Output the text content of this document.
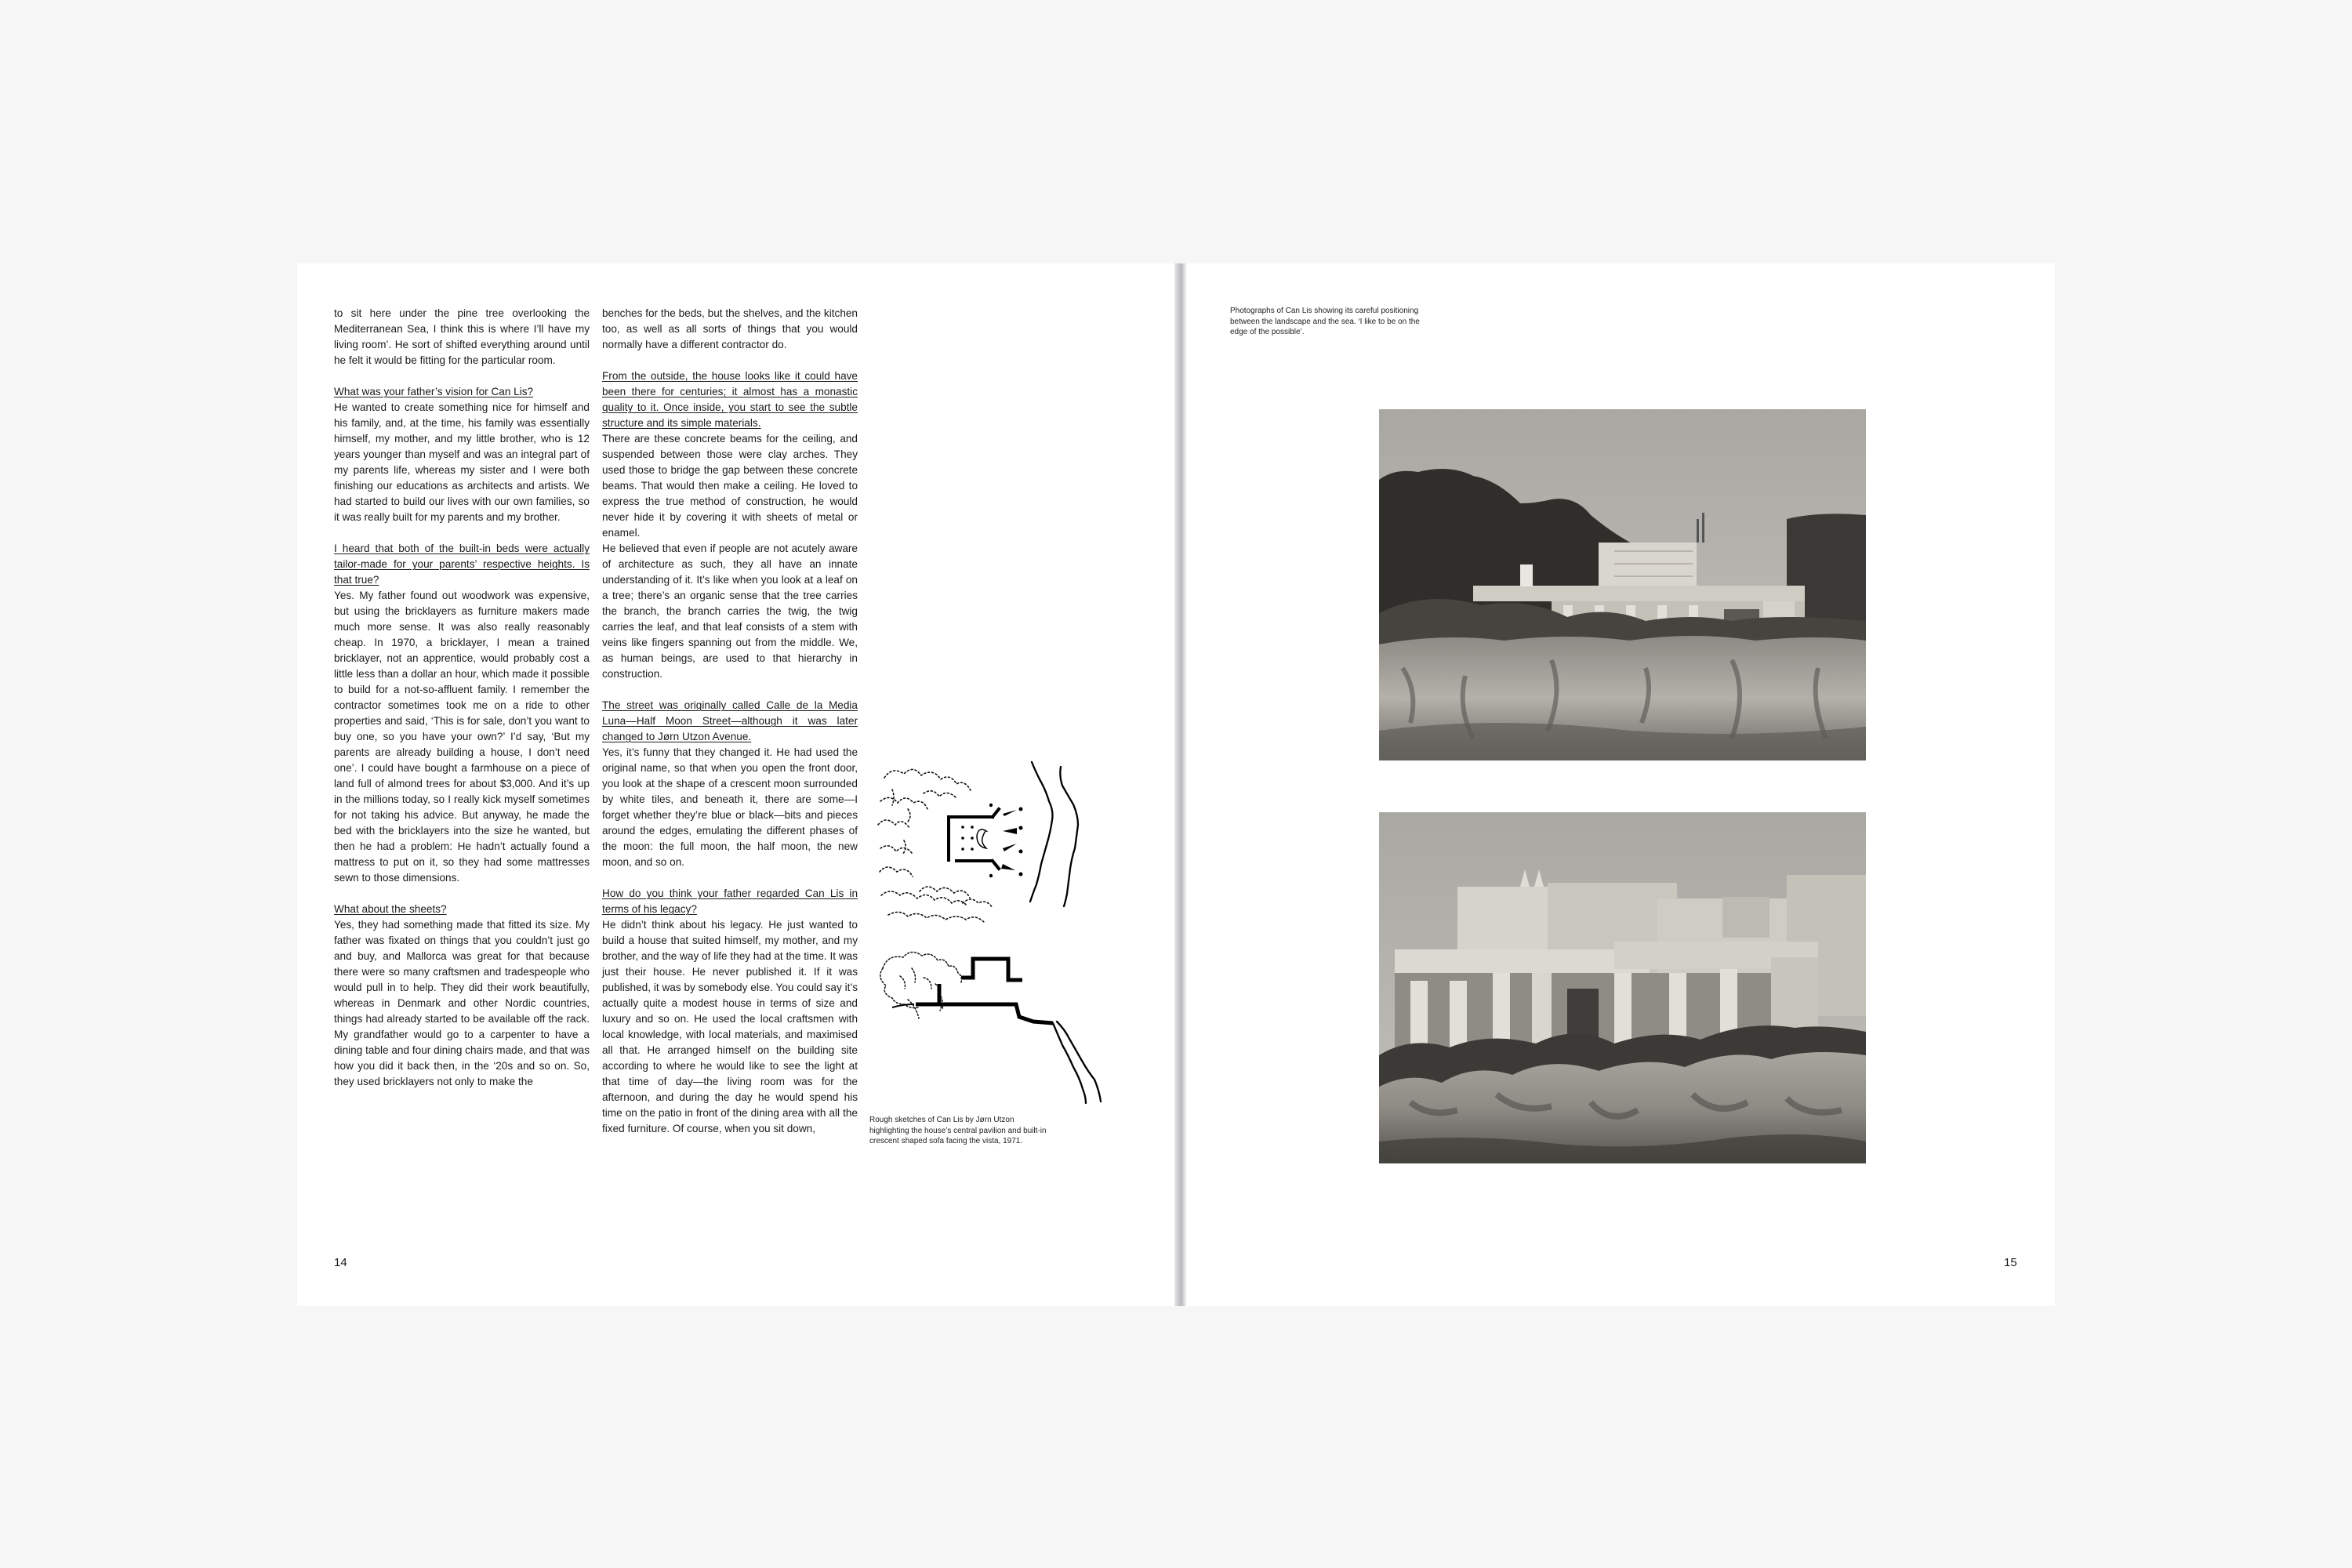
to sit here under the pine tree overlooking the Mediterranean Sea, I think this is where I’ll have my living room’. He sort of shifted everything around until he felt it would be fitting for the particular room.

What was your father’s vision for Can Lis?

He wanted to create something nice for himself and his family, and, at the time, his family was essentially himself, my mother, and my little brother, who is 12 years younger than myself and was an integral part of my parents life, whereas my sister and I were both finishing our educations as architects and artists. We had started to build our lives with our own families, so it was really built for my parents and my brother.

I heard that both of the built-in beds were actually tailor-made for your parents’ respective heights. Is that true?

Yes. My father found out woodwork was expensive, but using the bricklayers as furniture makers made much more sense. It was also really reasonably cheap. In 1970, a bricklayer, I mean a trained bricklayer, not an apprentice, would probably cost a little less than a dollar an hour, which made it possible to build for a not-so-affluent family. I remember the contractor sometimes took me on a ride to other properties and said, ‘This is for sale, don’t you want to buy one, so you have your own?’ I’d say, ‘But my parents are already building a house, I don’t need one’. I could have bought a farmhouse on a piece of land full of almond trees for about $3,000. And it’s up in the millions today, so I really kick myself sometimes for not taking his advice. But anyway, he made the bed with the bricklayers into the size he wanted, but then he had a problem: He hadn’t actually found a mattress to put on it, so they had some mattresses sewn to those dimensions.

What about the sheets?

Yes, they had something made that fitted its size. My father was fixated on things that you couldn’t just go and buy, and Mallorca was great for that because there were so many craftsmen and tradespeople who would pull in to help. They did their work beautifully, whereas in Denmark and other Nordic countries, things had already started to be available off the rack. My grandfather would go to a carpenter to have a dining table and four dining chairs made, and that was how you did it back then, in the ‘20s and so on. So, they used bricklayers not only to make the

benches for the beds, but the shelves, and the kitchen too, as well as all sorts of things that you would normally have a different contractor do.

From the outside, the house looks like it could have been there for centuries; it almost has a monastic quality to it. Once inside, you start to see the subtle structure and its simple materials.

There are these concrete beams for the ceiling, and suspended between those were clay arches. They used those to bridge the gap between these concrete beams. That would then make a ceiling. He loved to express the true method of construction, he would never hide it by covering it with sheets of metal or enamel.

He believed that even if people are not acutely aware of architecture as such, they all have an innate understanding of it. It’s like when you look at a leaf on a tree; there’s an organic sense that the tree carries the branch, the branch carries the twig, the twig carries the leaf, and that leaf consists of a stem with veins like fingers spanning out from the middle. We, as human beings, are used to that hierarchy in construction.

The street was originally called Calle de la Media Luna—Half Moon Street—although it was later changed to Jørn Utzon Avenue.

Yes, it’s funny that they changed it. He had used the original name, so that when you open the front door, you look at the shape of a crescent moon surrounded by white tiles, and beneath it, there are some—I forget whether they’re blue or black—bits and pieces around the edges, emulating the different phases of the moon: the full moon, the half moon, the new moon, and so on.

How do you think your father regarded Can Lis in terms of his legacy?

He didn’t think about his legacy. He just wanted to build a house that suited himself, my mother, and my brother, and the way of life they had at the time. It was just their house. He never published it. If it was published, it was by somebody else. You could say it’s actually quite a modest house in terms of size and luxury and so on. He used the local craftsmen with local knowledge, with local materials, and maximised all that. He arranged himself on the building site according to where he would like to see the light at that time of day—the living room was for the afternoon, and during the day he would spend his time on the patio in front of the dining area with all the fixed furniture. Of course, when you sit down,

Rough sketches of Can Lis by Jørn Utzon highlighting the house’s central pavilion and built-in crescent shaped sofa facing the vista, 1971.
14
Photographs of Can Lis showing its careful positioning between the landscape and the sea. ‘I like to be on the edge of the possible’.
15
